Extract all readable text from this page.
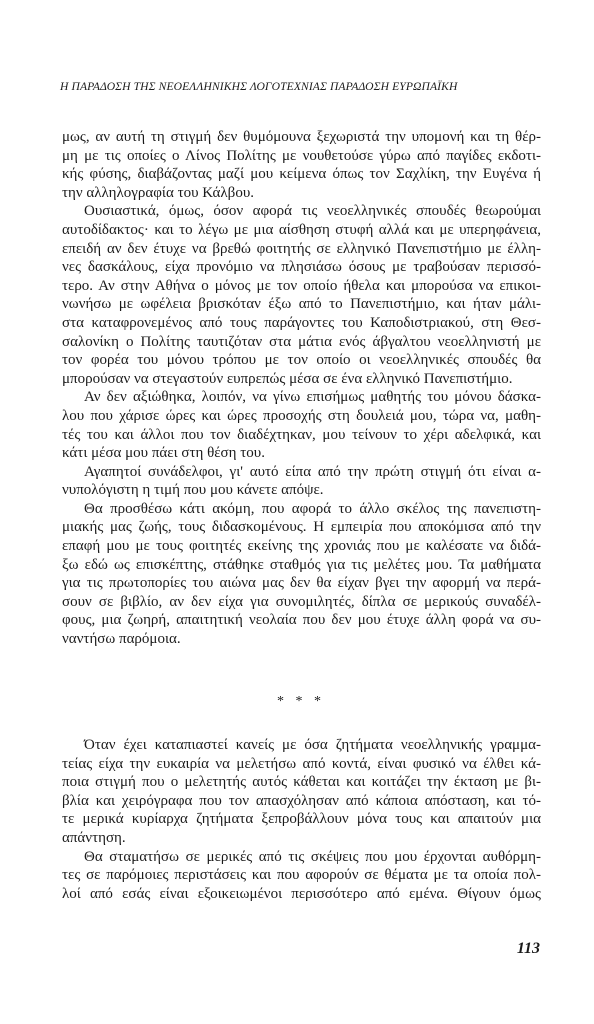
Η ΠΑΡΑΔΟΣΗ ΤΗΣ ΝΕΟΕΛΛΗΝΙΚΗΣ ΛΟΓΟΤΕΧΝΙΑΣ ΠΑΡΑΔΟΣΗ ΕΥΡΩΠΑΪΚΗ
μως, αν αυτή τη στιγμή δεν θυμόμουνα ξεχωριστά την υπομονή και τη θέρ-
μη με τις οποίες ο Λίνος Πολίτης με νουθετούσε γύρω από παγίδες εκδοτι-
κής φύσης, διαβάζοντας μαζί μου κείμενα όπως τον Σαχλίκη, την Ευγένα ή
την αλληλογραφία του Κάλβου.
Ουσιαστικά, όμως, όσον αφορά τις νεοελληνικές σπουδές θεωρούμαι
αυτοδίδακτος· και το λέγω με μια αίσθηση στυφή αλλά και με υπερηφάνεια,
επειδή αν δεν έτυχε να βρεθώ φοιτητής σε ελληνικό Πανεπιστήμιο με έλλη-
νες δασκάλους, είχα προνόμιο να πλησιάσω όσους με τραβούσαν περισσό-
τερο. Αν στην Αθήνα ο μόνος με τον οποίο ήθελα και μπορούσα να επικοι-
νωνήσω με ωφέλεια βρισκόταν έξω από το Πανεπιστήμιο, και ήταν μάλι-
στα καταφρονεμένος από τους παράγοντες του Καποδιστριακού, στη Θεσ-
σαλονίκη ο Πολίτης ταυτιζόταν στα μάτια ενός άβγαλτου νεοελληνιστή με
τον φορέα του μόνου τρόπου με τον οποίο οι νεοελληνικές σπουδές θα
μπορούσαν να στεγαστούν ευπρεπώς μέσα σε ένα ελληνικό Πανεπιστήμιο.
Αν δεν αξιώθηκα, λοιπόν, να γίνω επισήμως μαθητής του μόνου δάσκα-
λου που χάρισε ώρες και ώρες προσοχής στη δουλειά μου, τώρα να, μαθη-
τές του και άλλοι που τον διαδέχτηκαν, μου τείνουν το χέρι αδελφικά, και
κάτι μέσα μου πάει στη θέση του.
Αγαπητοί συνάδελφοι, γι' αυτό είπα από την πρώτη στιγμή ότι είναι α-
νυπολόγιστη η τιμή που μου κάνετε απόψε.
Θα προσθέσω κάτι ακόμη, που αφορά το άλλο σκέλος της πανεπιστη-
μιακής μας ζωής, τους διδασκομένους. Η εμπειρία που αποκόμισα από την
επαφή μου με τους φοιτητές εκείνης της χρονιάς που με καλέσατε να διδά-
ξω εδώ ως επισκέπτης, στάθηκε σταθμός για τις μελέτες μου. Τα μαθήματα
για τις πρωτοπορίες του αιώνα μας δεν θα είχαν βγει την αφορμή να περά-
σουν σε βιβλίο, αν δεν είχα για συνομιλητές, δίπλα σε μερικούς συναδέλ-
φους, μια ζωηρή, απαιτητική νεολαία που δεν μου έτυχε άλλη φορά να συ-
ναντήσω παρόμοια.
* * *
Όταν έχει καταπιαστεί κανείς με όσα ζητήματα νεοελληνικής γραμμα-
τείας είχα την ευκαιρία να μελετήσω από κοντά, είναι φυσικό να έλθει κά-
ποια στιγμή που ο μελετητής αυτός κάθεται και κοιτάζει την έκταση με βι-
βλία και χειρόγραφα που τον απασχόλησαν από κάποια απόσταση, και τό-
τε μερικά κυρίαρχα ζητήματα ξεπροβάλλουν μόνα τους και απαιτούν μια
απάντηση.
Θα σταματήσω σε μερικές από τις σκέψεις που μου έρχονται αυθόρμη-
τες σε παρόμοιες περιστάσεις και που αφορούν σε θέματα με τα οποία πολ-
λοί από εσάς είναι εξοικειωμένοι περισσότερο από εμένα. Θίγουν όμως
113
